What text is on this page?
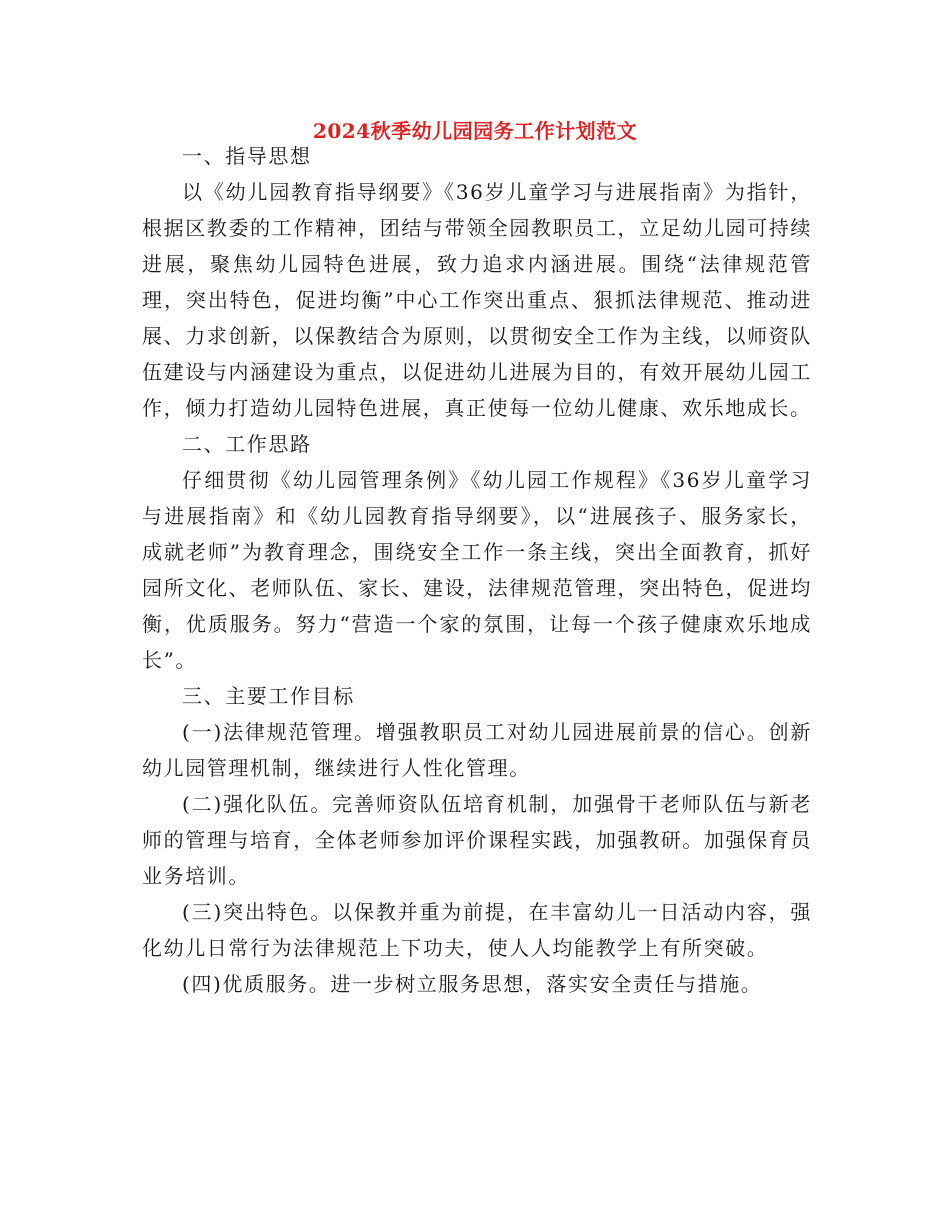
2024秋季幼儿园园务工作计划范文

一、指导思想

以《幼儿园教育指导纲要》《36岁儿童学习与进展指南》为指针，根据区教委的工作精神，团结与带领全园教职员工，立足幼儿园可持续进展，聚焦幼儿园特色进展，致力追求内涵进展。围绕“法律规范管理，突出特色，促进均衡”中心工作突出重点、狠抓法律规范、推动进展、力求创新，以保教结合为原则，以贯彻安全工作为主线，以师资队伍建设与内涵建设为重点，以促进幼儿进展为目的，有效开展幼儿园工作，倾力打造幼儿园特色进展，真正使每一位幼儿健康、欢乐地成长。

二、工作思路

仔细贯彻《幼儿园管理条例》《幼儿园工作规程》《36岁儿童学习与进展指南》和《幼儿园教育指导纲要》，以“进展孩子、服务家长，成就老师”为教育理念，围绕安全工作一条主线，突出全面教育，抓好园所文化、老师队伍、家长、建设，法律规范管理，突出特色，促进均衡，优质服务。努力“营造一个家的氛围，让每一个孩子健康欢乐地成长”。

三、主要工作目标

(一)法律规范管理。增强教职员工对幼儿园进展前景的信心。创新幼儿园管理机制，继续进行人性化管理。

(二)强化队伍。完善师资队伍培育机制，加强骨干老师队伍与新老师的管理与培育，全体老师参加评价课程实践，加强教研。加强保育员业务培训。

(三)突出特色。以保教并重为前提，在丰富幼儿一日活动内容，强化幼儿日常行为法律规范上下功夫，使人人均能教学上有所突破。

(四)优质服务。进一步树立服务思想，落实安全责任与措施。
